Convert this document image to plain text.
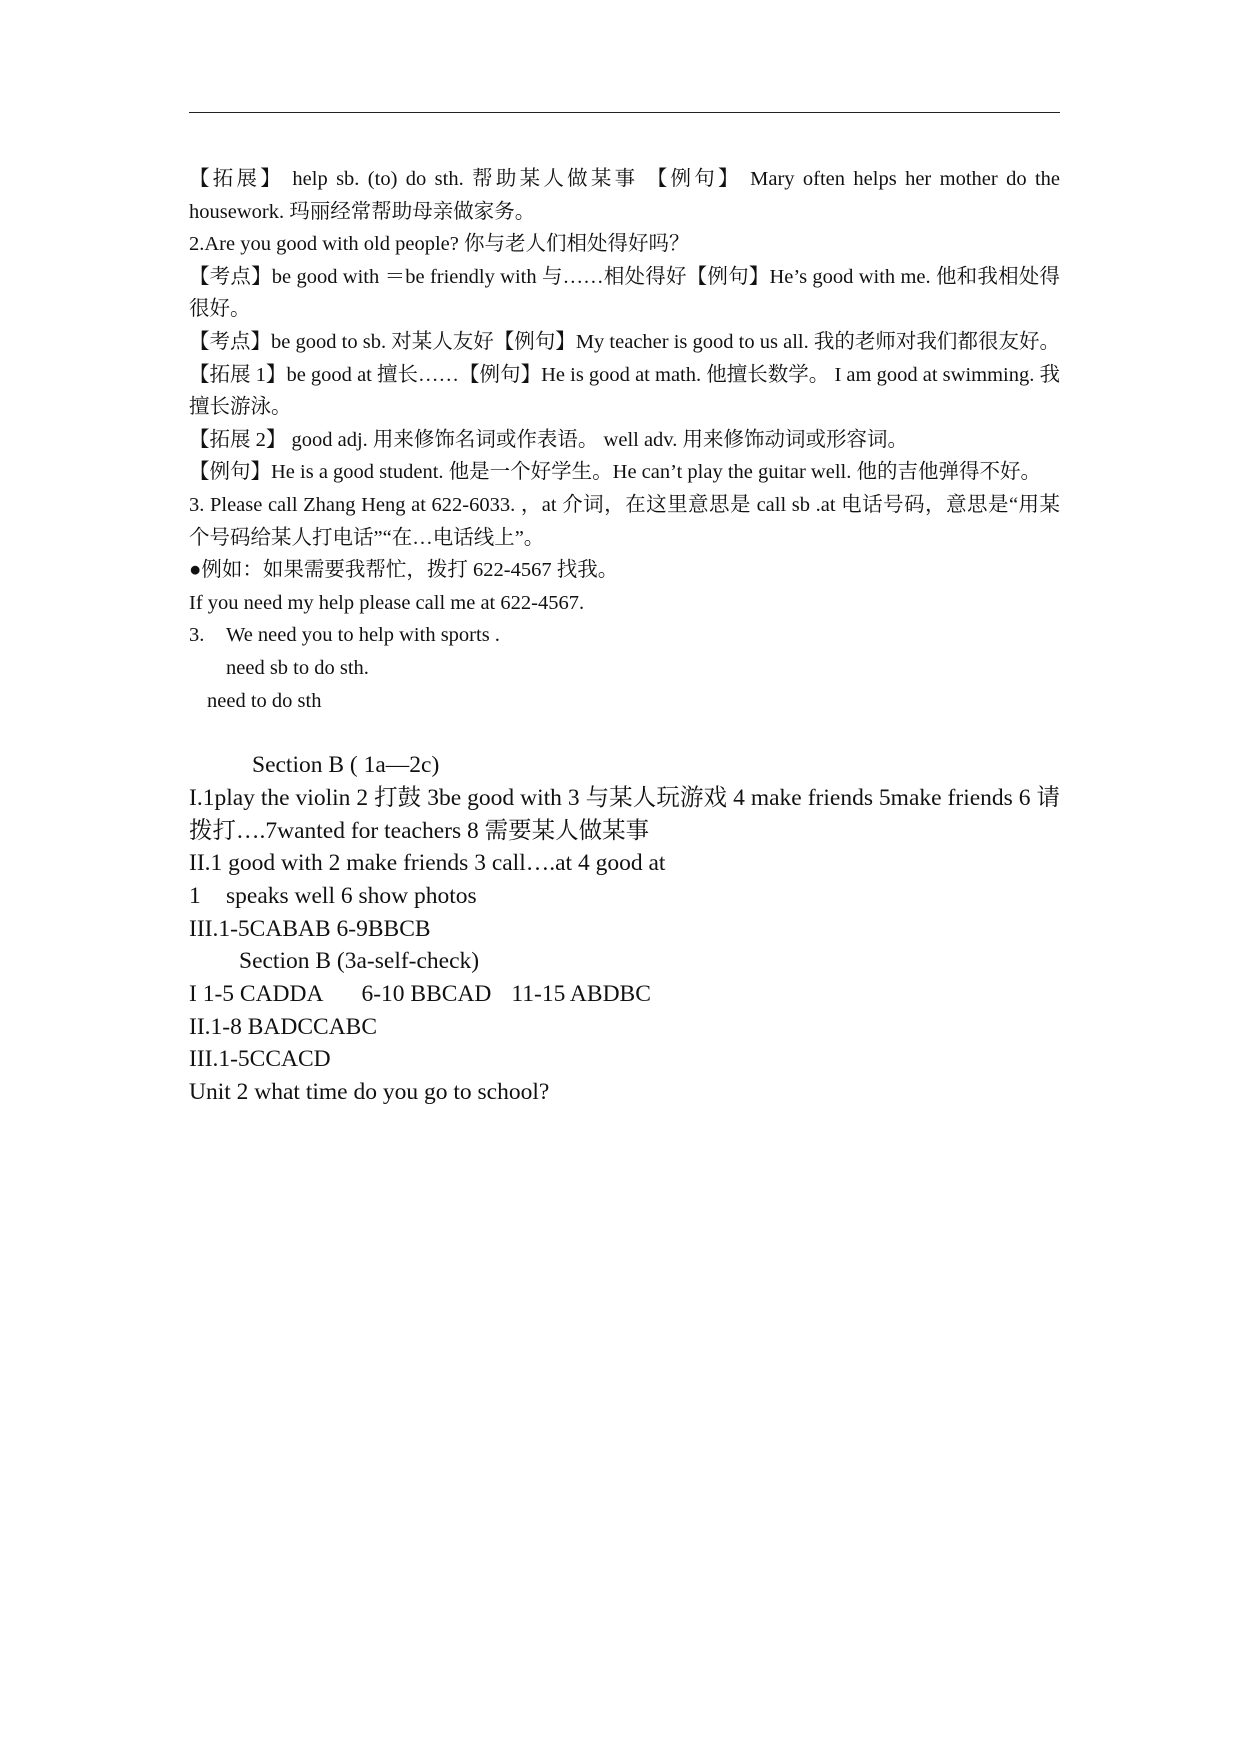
【拓展】 help sb. (to) do sth. 帮助某人做某事 【例句】 Mary often helps her mother do the housework. 玛丽经常帮助母亲做家务。

2.Are you good with old people? 你与老人们相处得好吗？

【考点】be good with ＝be friendly with 与……相处得好【例句】He’s good with me. 他和我相处得很好。

【考点】be good to sb. 对某人友好【例句】My teacher is good to us all. 我的老师对我们都很友好。【拓展 1】be good at 擅长……【例句】He is good at math. 他擅长数学。 I am good at swimming. 我擅长游泳。

【拓展 2】 good adj. 用来修饰名词或作表语。 well adv. 用来修饰动词或形容词。

【例句】He is a good student. 他是一个好学生。He can’t play the guitar well. 他的吉他弹得不好。

3. Please call Zhang Heng at 622-6033. ，at 介词，在这里意思是 call sb .at 电话号码，意思是“用某个号码给某人打电话”“在…电话线上”。

●例如：如果需要我帮忙，拨打 622-4567 找我。

If you need my help please call me at 622-4567.

3.	We need you to help with sports .

need sb to do sth.

need to do sth

Section B ( 1a—2c)

I.1play the violin 2 打鼓 3be good with 3 与某人玩游戏 4 make friends 5make friends 6 请拨打….7wanted for teachers 8 需要某人做某事

II.1 good with 2 make friends 3 call….at 4 good at

1	speaks well 6 show photos

III.1-5CABAB 6-9BBCB

Section B (3a-self-check)

I 1-5 CADDA 6-10 BBCAD 11-15 ABDBC

II.1-8 BADCCABC

III.1-5CCACD

Unit 2 what time do you go to school?
